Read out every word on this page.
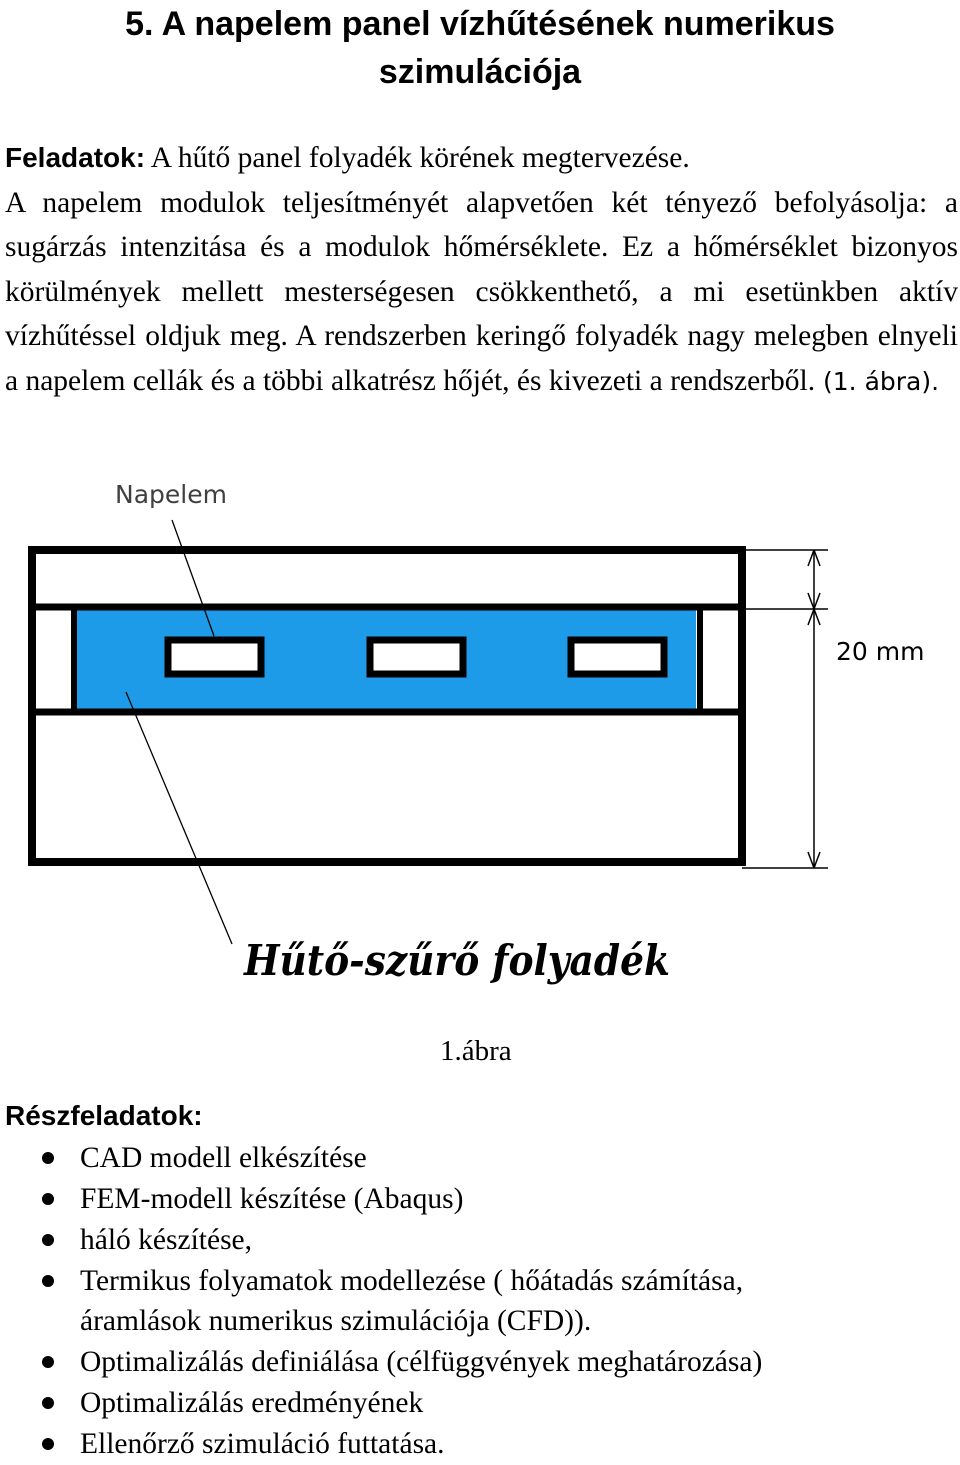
5. A napelem panel vízhűtésének numerikus
szimulációja

Feladatok: A hűtő panel folyadék körének megtervezése.
A napelem modulok teljesítményét alapvetően két tényező befolyásolja: a sugárzás intenzitása és a modulok hőmérséklete. Ez a hőmérséklet bizonyos körülmények mellett mesterségesen csökkenthető, a mi esetünkben aktív vízhűtéssel oldjuk meg. A rendszerben keringő folyadék nagy melegben elnyeli a napelem cellák és a többi alkatrész hőjét, és kivezeti a rendszerből. (1. ábra).

20 mm
Napelem
Hűtő-szűrő folyadék

1.ábra

Részfeladatok:
CAD modell elkészítése
FEM-modell készítése (Abaqus)
háló készítése,
Termikus folyamatok modellezése ( hőátadás számítása, áramlások numerikus szimulációja (CFD)).
Optimalizálás definiálása (célfüggvények meghatározása)
Optimalizálás eredményének
Ellenőrző szimuláció futtatása.
